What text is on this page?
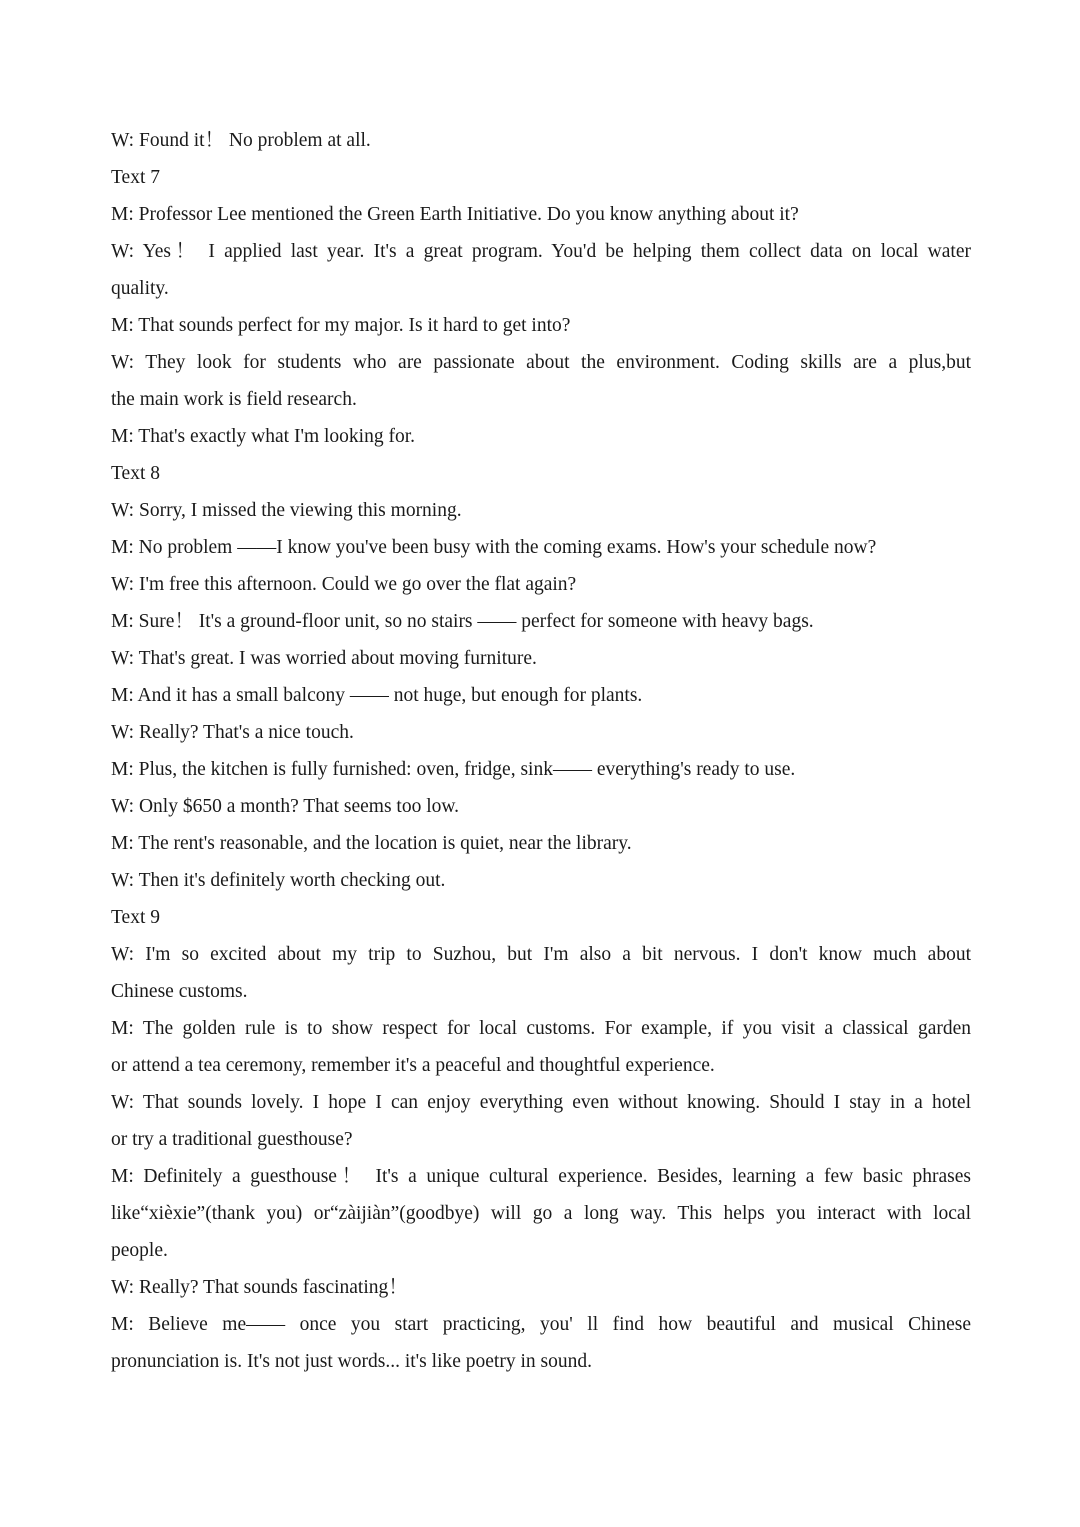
W: Found it！ No problem at all.
Text 7
M: Professor Lee mentioned the Green Earth Initiative. Do you know anything about it?
W: Yes！ I applied last year. It's a great program. You'd be helping them collect data on local water
quality.
M: That sounds perfect for my major. Is it hard to get into?
W: They look for students who are passionate about the environment. Coding skills are a plus,but
the main work is field research.
M: That's exactly what I'm looking for.
Text 8
W: Sorry, I missed the viewing this morning.
M: No problem ——I know you've been busy with the coming exams. How's your schedule now?
W: I'm free this afternoon. Could we go over the flat again?
M: Sure！ It's a ground-floor unit, so no stairs —— perfect for someone with heavy bags.
W: That's great. I was worried about moving furniture.
M: And it has a small balcony —— not huge, but enough for plants.
W: Really? That's a nice touch.
M: Plus, the kitchen is fully furnished: oven, fridge, sink—— everything's ready to use.
W: Only $650 a month? That seems too low.
M: The rent's reasonable, and the location is quiet, near the library.
W: Then it's definitely worth checking out.
Text 9
W: I'm so excited about my trip to Suzhou, but I'm also a bit nervous. I don't know much about
Chinese customs.
M: The golden rule is to show respect for local customs. For example, if you visit a classical garden
or attend a tea ceremony, remember it's a peaceful and thoughtful experience.
W: That sounds lovely. I hope I can enjoy everything even without knowing. Should I stay in a hotel
or try a traditional guesthouse?
M: Definitely a guesthouse！ It's a unique cultural experience. Besides, learning a few basic phrases
like“xièxie”(thank you) or“zàijiàn”(goodbye) will go a long way. This helps you interact with local
people.
W: Really? That sounds fascinating！
M: Believe me—— once you start practicing, you' ll find how beautiful and musical Chinese
pronunciation is. It's not just words... it's like poetry in sound.
